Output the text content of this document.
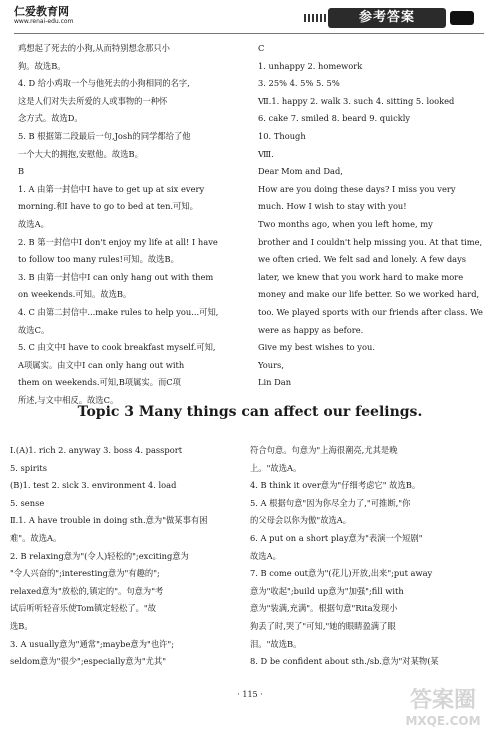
仁爱教育网
www.renai-edu.com	参考答案
鸡想起了死去的小狗,从而特别想念那只小
狗。故选B。
4. D 给小鸡取一个与他死去的小狗相同的名字,
这是人们对失去所爱的人或事物的一种怀
念方式。故选D。
5. B 根据第二段最后一句,Josh的同学都给了他
一个大大的拥抱,安慰他。故选B。
B
1. A 由第一封信中I have to get up at six every
morning.和I have to go to bed at ten.可知。
故选A。
2. B 第一封信中I don't enjoy my life at all! I have
to follow too many rules!可知。故选B。
3. B 由第一封信中I can only hang out with them
on weekends.可知。故选B。
4. C 由第二封信中...make rules to help you...可知,
故选C。
5. C 由文中I have to cook breakfast myself.可知,
A项属实。由文中I can only hang out with
them on weekends.可知,B项属实。而C项
所述,与文中相反。故选C。
C
1. unhappy 2. homework
3. 25% 4. 5% 5. 5%
Ⅶ.1. happy 2. walk 3. such 4. sitting 5. looked
6. cake 7. smiled 8. beard 9. quickly
10. Though
Ⅷ.
Dear Mom and Dad,
How are you doing these days? I miss you very
much. How I wish to stay with you!
Two months ago, when you left home, my
brother and I couldn't help missing you. At that time,
we often cried. We felt sad and lonely. A few days
later, we knew that you work hard to make more
money and make our life better. So we worked hard,
too. We played sports with our friends after class. We
were as happy as before.
Give my best wishes to you.
Yours,
Lin Dan
Topic 3 Many things can affect our feelings.
Ⅰ.(A)1. rich 2. anyway 3. boss 4. passport
5. spirits
(B)1. test 2. sick 3. environment 4. load
5. sense
Ⅱ.1. A have trouble in doing sth.意为"做某事有困
难"。故选A。
2. B relaxing意为"(令人)轻松的";exciting意为
"令人兴奋的";interesting意为"有趣的";
relaxed意为"放松的,镇定的"。句意为"考
试后听听轻音乐使Tom镇定轻松了。"故
选B。
3. A usually意为"通常";maybe意为"也许";
seldom意为"很少";especially意为"尤其"
符合句意。句意为"上海很潮亮,尤其是晚
上。"故选A。
4. B think it over意为"仔细考虑它" 故选B。
5. A 根据句意"因为你尽全力了,"可推断,"你
的父母会以你为傲"故选A。
6. A put on a short play意为"表演一个短剧"
故选A。
7. B come out意为"(花儿)开放,出来";put away
意为"收起";build up意为"加强";fill with
意为"装满,充满"。根据句意"Rita发现小
狗丢了时,哭了"可知,"她的眼睛盈满了眼
泪。"故选B。
8. D be confident about sth./sb.意为"对某物(某
· 115 ·	答案圈
MXQE.COM
